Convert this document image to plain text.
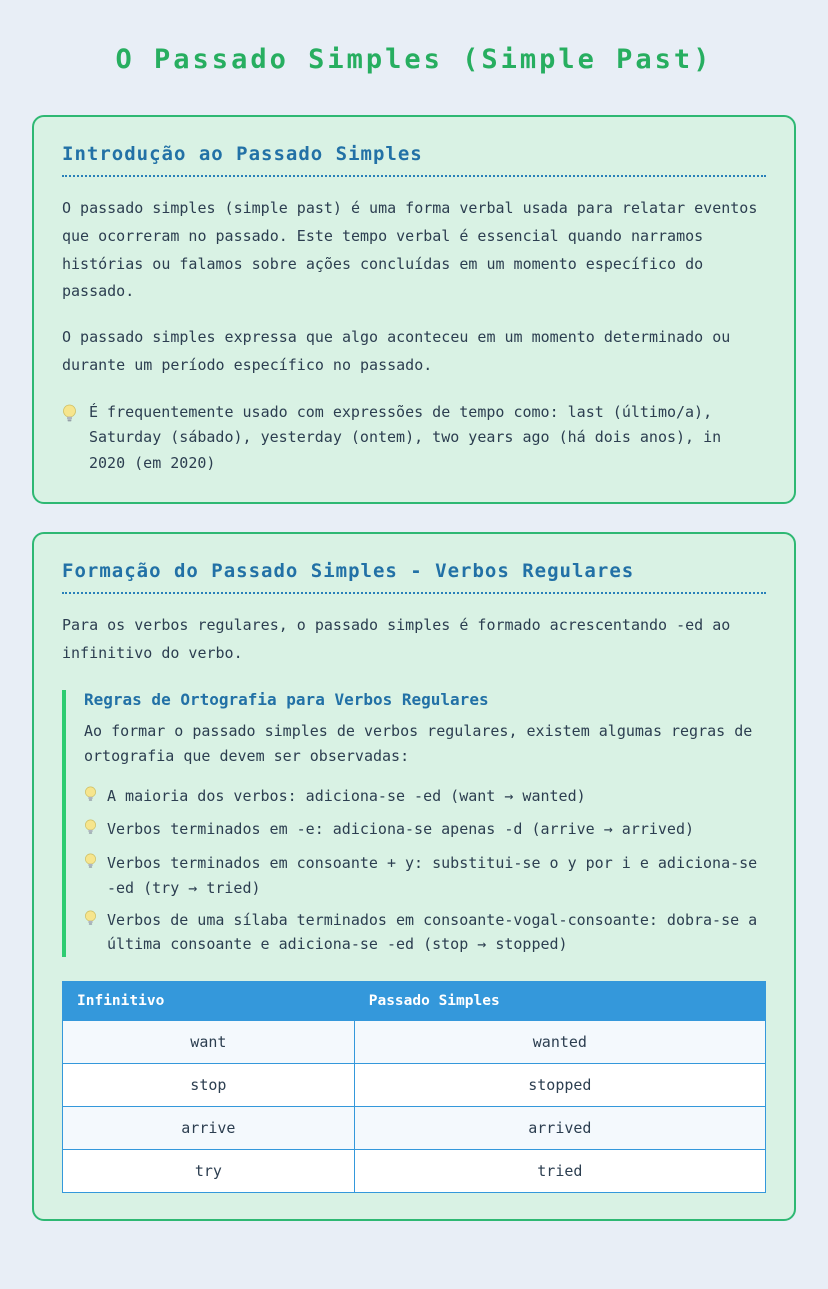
O Passado Simples (Simple Past)
Introdução ao Passado Simples

O passado simples (simple past) é uma forma verbal usada para relatar eventos que ocorreram no passado. Este tempo verbal é essencial quando narramos histórias ou falamos sobre ações concluídas em um momento específico do passado.

O passado simples expressa que algo aconteceu em um momento determinado ou durante um período específico no passado.

É frequentemente usado com expressões de tempo como: last (último/a), Saturday (sábado), yesterday (ontem), two years ago (há dois anos), in 2020 (em 2020)
Formação do Passado Simples - Verbos Regulares

Para os verbos regulares, o passado simples é formado acrescentando -ed ao infinitivo do verbo.

Regras de Ortografia para Verbos Regulares

Ao formar o passado simples de verbos regulares, existem algumas regras de ortografia que devem ser observadas:

A maioria dos verbos: adiciona-se -ed (want → wanted)
Verbos terminados em -e: adiciona-se apenas -d (arrive → arrived)
Verbos terminados em consoante + y: substitui-se o y por i e adiciona-se -ed (try → tried)
Verbos de uma sílaba terminados em consoante-vogal-consoante: dobra-se a última consoante e adiciona-se -ed (stop → stopped)
Infinitivo	Passado Simples
want	wanted
stop	stopped
arrive	arrived
try	tried
